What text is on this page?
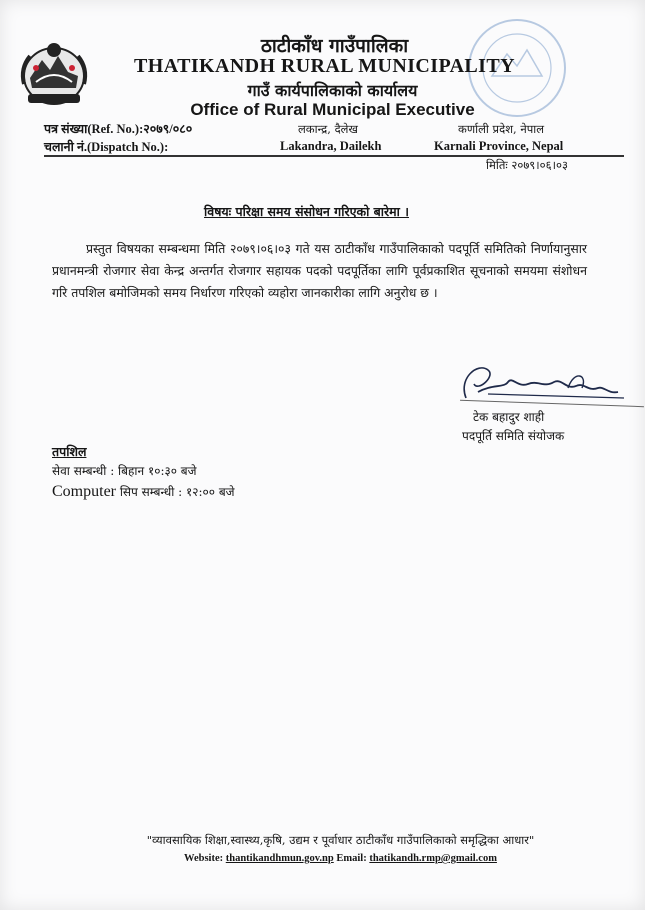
ठाटीकाँध गाउँपालिका
THATIKANDH RURAL MUNICIPALITY
गाउँ कार्यपालिकाको कार्यालय
Office of Rural Municipal Executive
पत्र संख्या(Ref. No.):२०७९/०८०
चलानी नं.(Dispatch No.):
लकान्द्र, दैलेख
Lakandra, Dailekh
कर्णाली प्रदेश, नेपाल
Karnali Province, Nepal
मितिः २०७९।०६।०३
विषयः परिक्षा समय संसोधन गरिएको बारेमा ।
प्रस्तुत विषयका सम्बन्धमा मिति २०७९।०६।०३ गते यस ठाटीकाँध गाउँपालिकाको पदपूर्ति समितिको निर्णायानुसार प्रधानमन्त्री रोजगार सेवा केन्द्र अन्तर्गत रोजगार सहायक पदको पदपूर्तिका लागि पूर्वप्रकाशित सूचनाको समयमा संशोधन गरि तपशिल बमोजिमको समय निर्धारण गरिएको व्यहोरा जानकारीका लागि अनुरोध छ ।
टेक बहादुर शाही
पदपूर्ति समिति संयोजक
तपशिल
सेवा सम्बन्धी : बिहान १०:३० बजे
Computer सिप सम्बन्धी : १२:०० बजे
"व्यावसायिक शिक्षा,स्वास्थ्य,कृषि, उद्यम र पूर्वाधार ठाटीकाँध गाउँपालिकाको समृद्धिका आधार"
Website: thantikandhmun.gov.np Email: thatikandh.rmp@gmail.com
